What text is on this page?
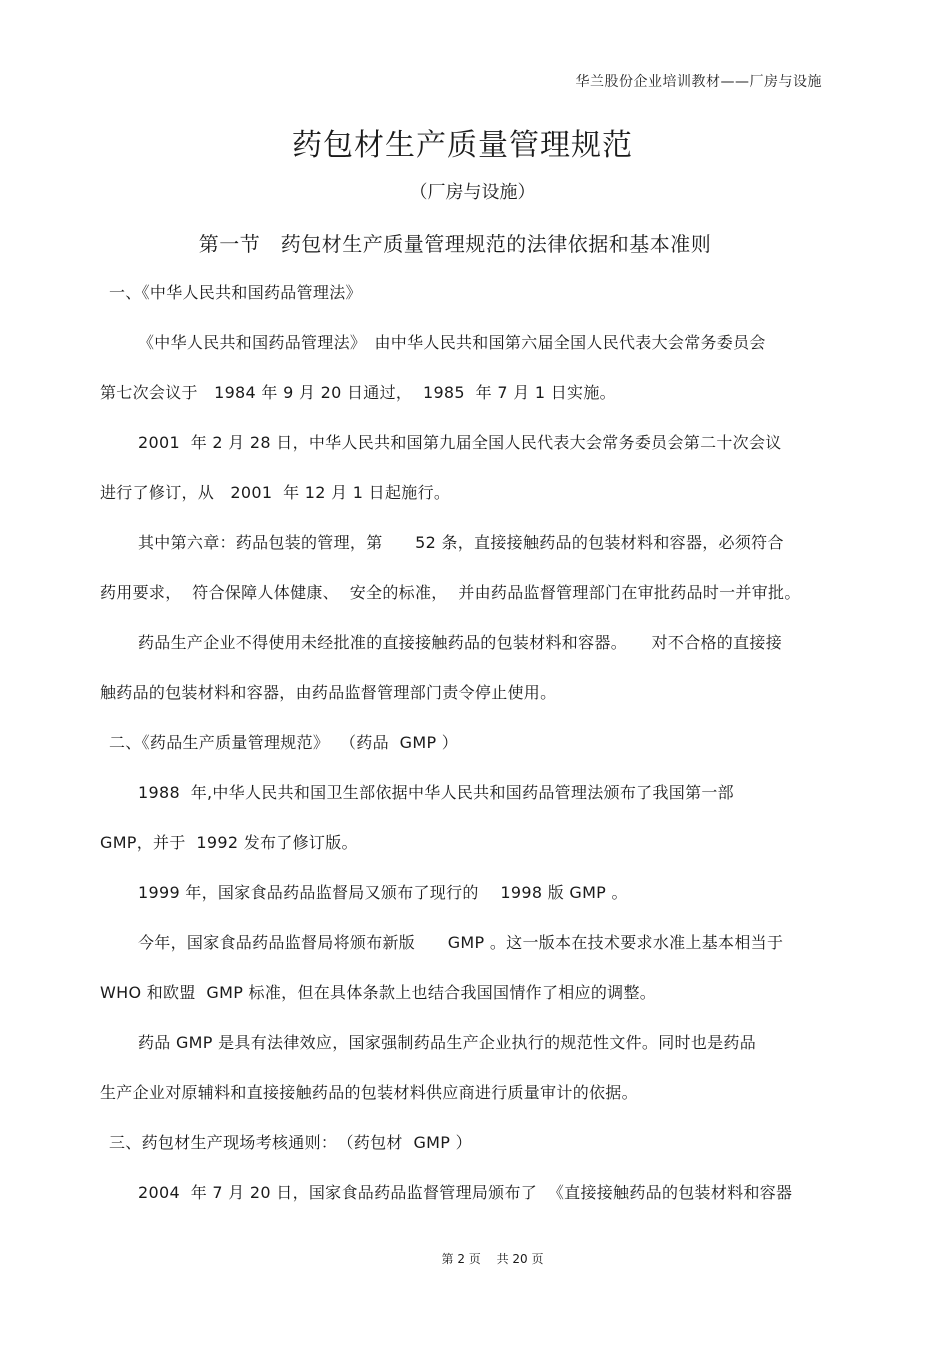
华兰股份企业培训教材——厂房与设施
药包材生产质量管理规范
（厂房与设施）
第一节　药包材生产质量管理规范的法律依据和基本准则
一、《中华人民共和国药品管理法》
《中华人民共和国药品管理法》　由中华人民共和国第六届全国人民代表大会常务委员会
第七次会议于　1984 年 9 月 20 日通过，  1985  年 7 月 1 日实施。
2001  年 2 月 28 日，中华人民共和国第九届全国人民代表大会常务委员会第二十次会议
进行了修订，从　2001  年 12 月 1 日起施行。
其中第六章：药品包装的管理，第　　52 条，直接接触药品的包装材料和容器，必须符合
药用要求，  符合保障人体健康、  安全的标准，  并由药品监督管理部门在审批药品时一并审批。
药品生产企业不得使用未经批准的直接接触药品的包装材料和容器。　　对不合格的直接接
触药品的包装材料和容器，由药品监督管理部门责令停止使用。
二、《药品生产质量管理规范》  （药品  GMP ）
1988  年,中华人民共和国卫生部依据中华人民共和国药品管理法颁布了我国第一部
GMP，并于  1992 发布了修订版。
1999 年，国家食品药品监督局又颁布了现行的　 1998 版 GMP 。
今年，国家食品药品监督局将颁布新版　　GMP 。这一版本在技术要求水准上基本相当于
WHO 和欧盟  GMP 标准，但在具体条款上也结合我国国情作了相应的调整。
药品 GMP 是具有法律效应，国家强制药品生产企业执行的规范性文件。同时也是药品
生产企业对原辅料和直接接触药品的包装材料供应商进行质量审计的依据。
三、药包材生产现场考核通则：　（药包材  GMP ）
2004  年 7 月 20 日，国家食品药品监督管理局颁布了  《直接接触药品的包装材料和容器
第 2 页　 共 20 页
